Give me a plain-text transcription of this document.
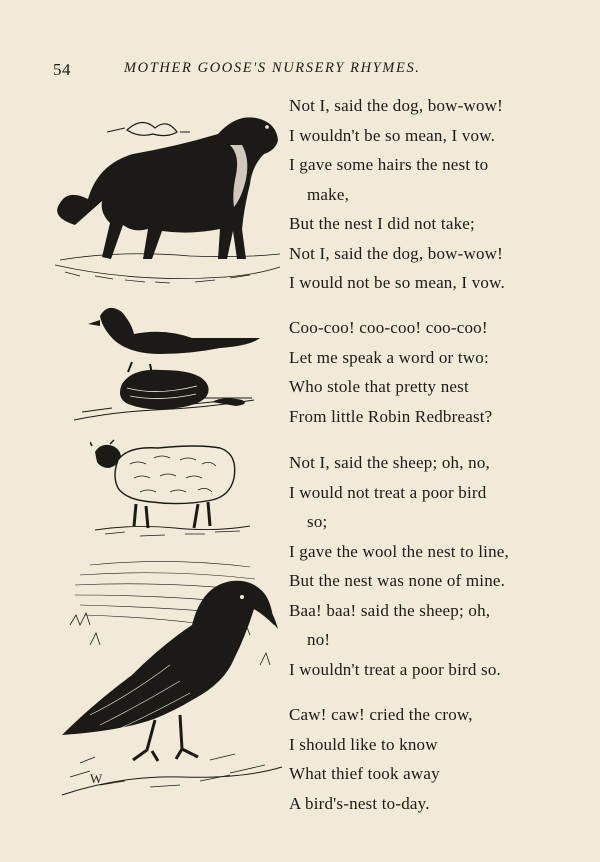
54	MOTHER GOOSE'S NURSERY RHYMES.
W
Not I, said the dog, bow-wow!
I wouldn't be so mean, I vow.
I gave some hairs the nest to
make,
But the nest I did not take;
Not I, said the dog, bow-wow!
I would not be so mean, I vow.
Coo-coo! coo-coo! coo-coo!
Let me speak a word or two:
Who stole that pretty nest
From little Robin Redbreast?
Not I, said the sheep; oh, no,
I would not treat a poor bird
so;
I gave the wool the nest to line,
But the nest was none of mine.
Baa! baa! said the sheep; oh,
no!
I wouldn't treat a poor bird so.
Caw! caw! cried the crow,
I should like to know
What thief took away
A bird's-nest to-day.
